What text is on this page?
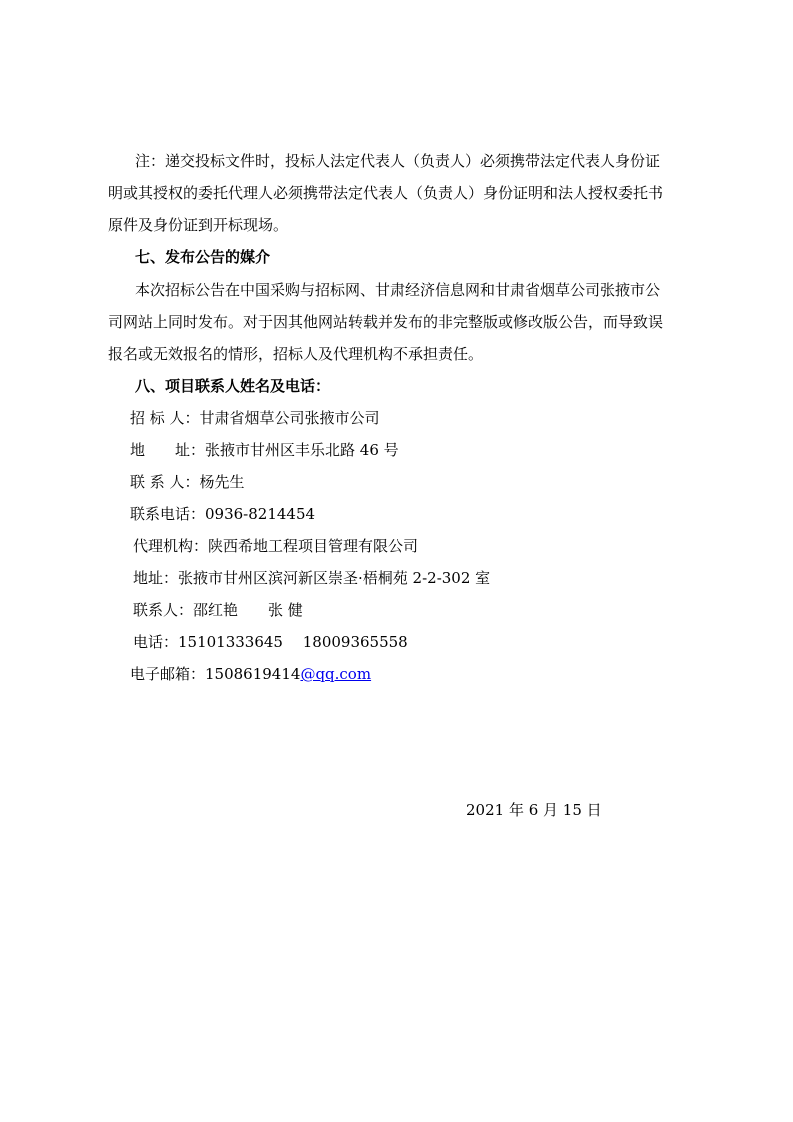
注：递交投标文件时，投标人法定代表人（负责人）必须携带法定代表人身份证
明或其授权的委托代理人必须携带法定代表人（负责人）身份证明和法人授权委托书
原件及身份证到开标现场。
七、发布公告的媒介
本次招标公告在中国采购与招标网、甘肃经济信息网和甘肃省烟草公司张掖市公
司网站上同时发布。对于因其他网站转载并发布的非完整版或修改版公告，而导致误
报名或无效报名的情形，招标人及代理机构不承担责任。
八、项目联系人姓名及电话：
招 标 人：甘肃省烟草公司张掖市公司
地　　址：张掖市甘州区丰乐北路 46 号
联 系 人：杨先生
联系电话：0936-8214454
代理机构：陕西希地工程项目管理有限公司
地址：张掖市甘州区滨河新区崇圣·梧桐苑 2-2-302 室
联系人：邵红艳　　张 健
电话：15101333645　 18009365558
电子邮箱：1508619414@qq.com
2021 年 6 月 15 日
